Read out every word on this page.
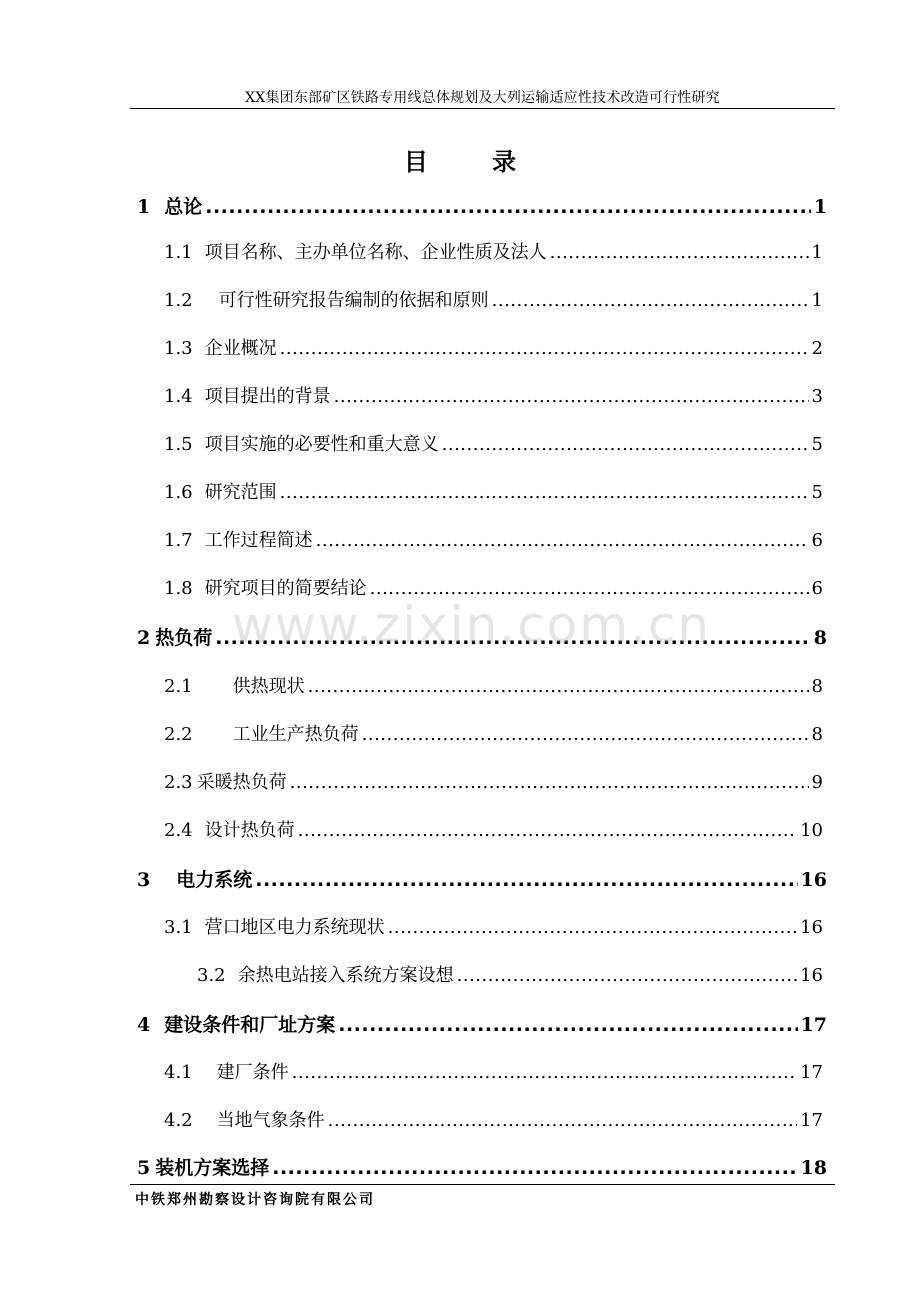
XX集团东部矿区铁路专用线总体规划及大列运输适应性技术改造可行性研究
目 录
1 总论 .....	1
1.1 项目名称、主办单位名称、企业性质及法人 .....	1
1.2 可行性研究报告编制的依据和原则 .....	1
1.3 企业概况 .....	2
1.4 项目提出的背景 .....	3
1.5 项目实施的必要性和重大意义 .....	5
1.6 研究范围 .....	5
1.7 工作过程简述 .....	6
1.8 研究项目的简要结论 .....	6
2 热负荷 .....	8
2.1 供热现状 .....	8
2.2 工业生产热负荷 .....	8
2.3 采暖热负荷 .....	9
2.4 设计热负荷 .....	10
3 电力系统 .....	16
3.1 营口地区电力系统现状 .....	16
3.2 余热电站接入系统方案设想 .....	16
4 建设条件和厂址方案 .....	17
4.1 建厂条件 .....	17
4.2 当地气象条件 .....	17
5 装机方案选择 .....	18
www.zixin.com.cn
中铁郑州勘察设计咨询院有限公司
